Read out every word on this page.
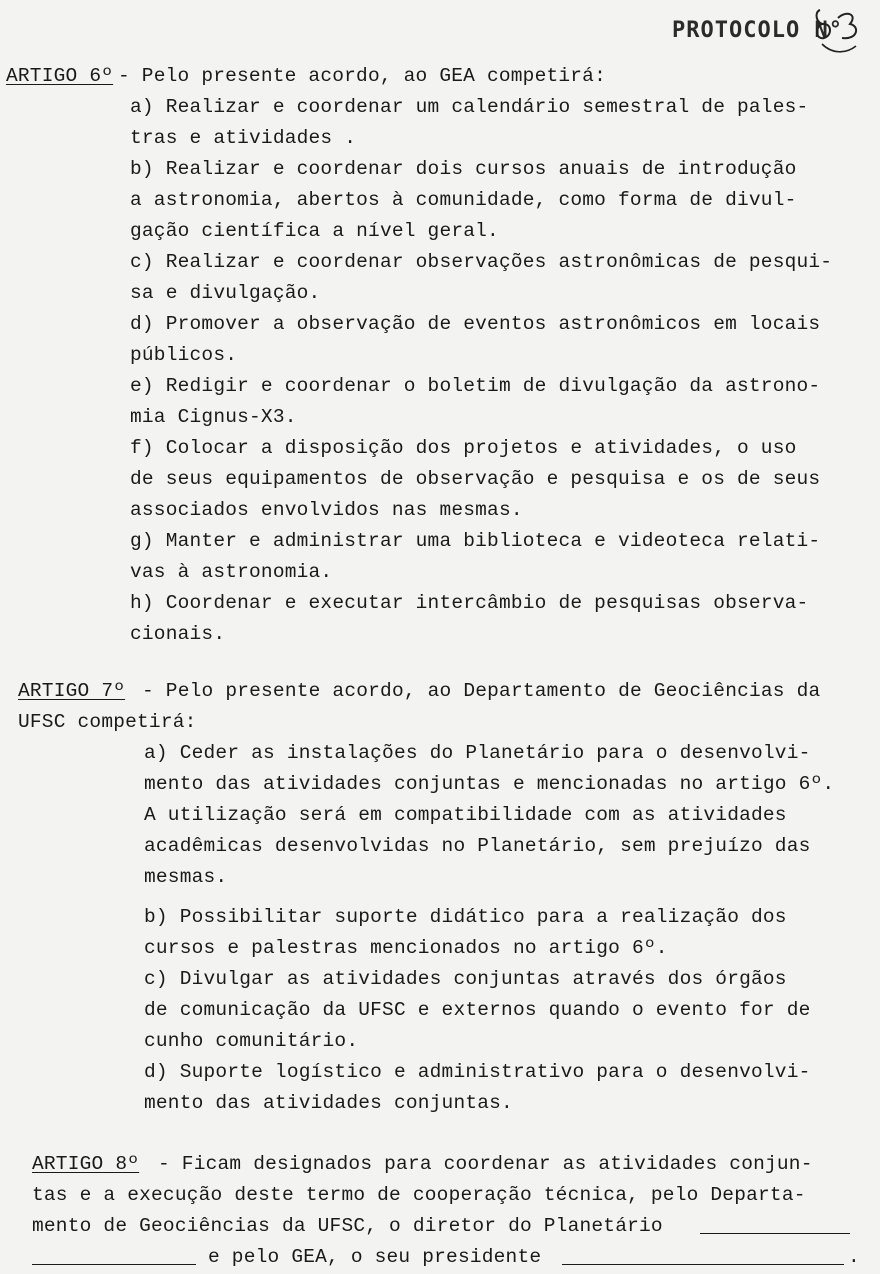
PROTOCOLO N°
ARTIGO 6º - Pelo presente acordo, ao GEA competirá:
a) Realizar e coordenar um calendário semestral de pales-
tras e atividades .
b) Realizar e coordenar dois cursos anuais de introdução
a astronomia, abertos à comunidade, como forma de divul-
gação científica a nível geral.
c) Realizar e coordenar observações astronômicas de pesqui-
sa e divulgação.
d) Promover a observação de eventos astronômicos em locais
públicos.
e) Redigir e coordenar o boletim de divulgação da astrono-
mia Cignus-X3.
f) Colocar a disposição dos projetos e atividades, o uso
de seus equipamentos de observação e pesquisa e os de seus
associados envolvidos nas mesmas.
g) Manter e administrar uma biblioteca e videoteca relati-
vas à astronomia.
h) Coordenar e executar intercâmbio de pesquisas observa-
cionais.
ARTIGO 7º - Pelo presente acordo, ao Departamento de Geociências da
UFSC competirá:
a) Ceder as instalações do Planetário para o desenvolvi-
mento das atividades conjuntas e mencionadas no artigo 6º.
A utilização será em compatibilidade com as atividades
acadêmicas desenvolvidas no Planetário, sem prejuízo das
mesmas.
b) Possibilitar suporte didático para a realização dos
cursos e palestras mencionados no artigo 6º.
c) Divulgar as atividades conjuntas através dos órgãos
de comunicação da UFSC e externos quando o evento for de
cunho comunitário.
d) Suporte logístico e administrativo para o desenvolvi-
mento das atividades conjuntas.
ARTIGO 8º - Ficam designados para coordenar as atividades conjun-
tas e a execução deste termo de cooperação técnica, pelo Departa-
mento de Geociências da UFSC, o diretor do Planetário
e pelo GEA, o seu presidente	.
